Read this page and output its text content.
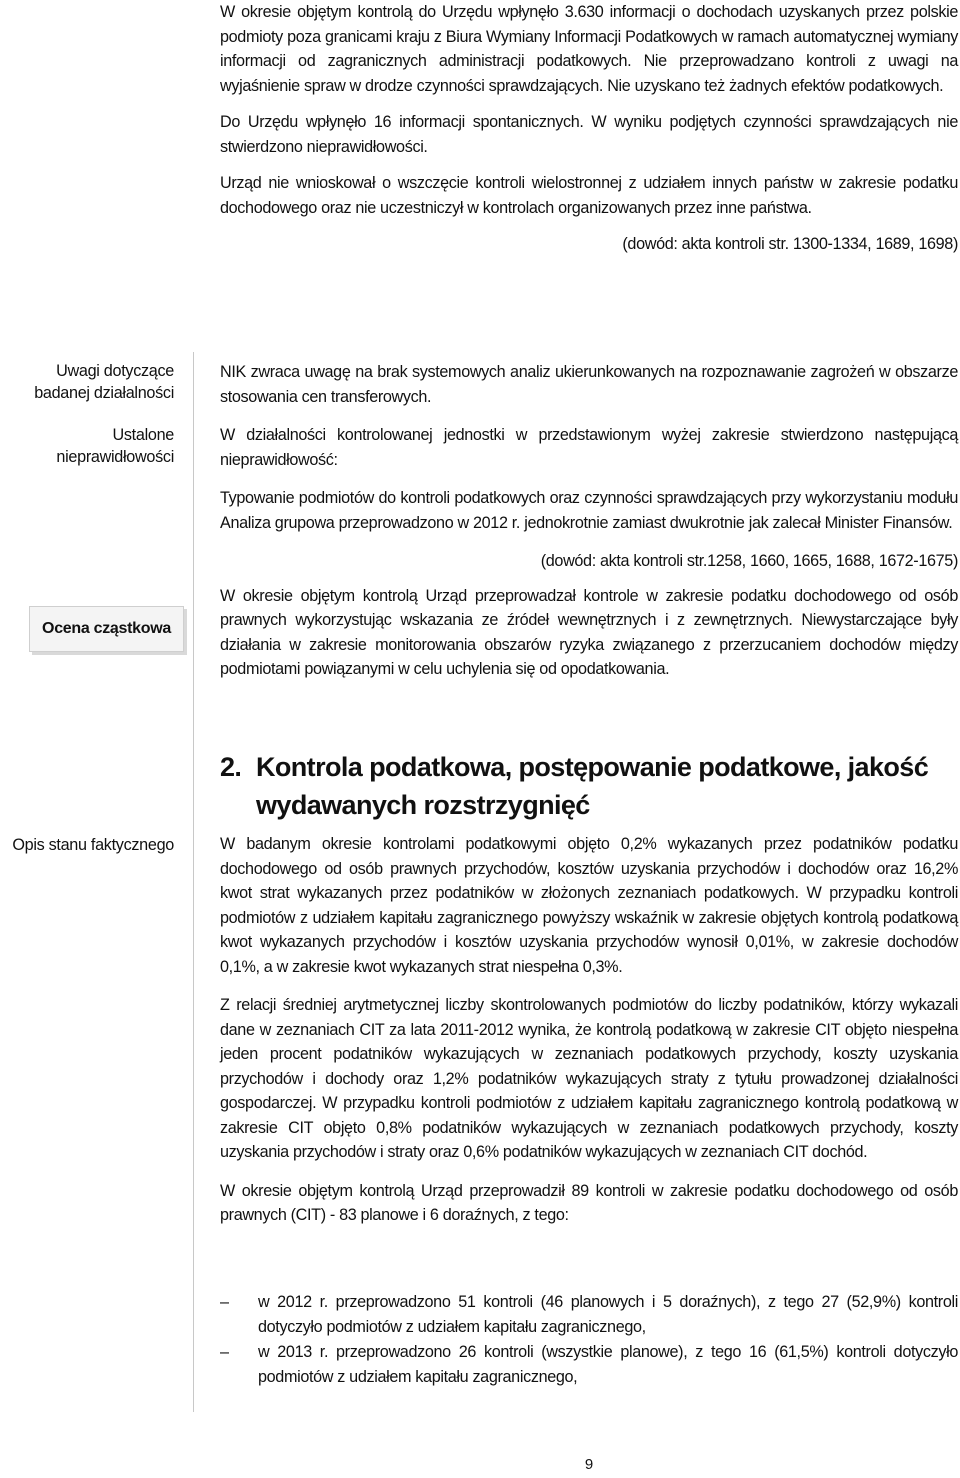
W okresie objętym kontrolą do Urzędu wpłynęło 3.630 informacji o dochodach uzyskanych przez polskie podmioty poza granicami kraju z Biura Wymiany Informacji Podatkowych w ramach automatycznej wymiany informacji od zagranicznych administracji podatkowych. Nie przeprowadzano kontroli z uwagi na wyjaśnienie spraw w drodze czynności sprawdzających. Nie uzyskano też żadnych efektów podatkowych.

Do Urzędu wpłynęło 16 informacji spontanicznych. W wyniku podjętych czynności sprawdzających nie stwierdzono nieprawidłowości.

Urząd nie wnioskował o wszczęcie kontroli wielostronnej z udziałem innych państw w zakresie podatku dochodowego oraz nie uczestniczył w kontrolach organizowanych przez inne państwa.

(dowód: akta kontroli str. 1300-1334, 1689, 1698)

Uwagi dotyczące badanej działalności
Ustalone nieprawidłowości
Ocena cząstkowa
Opis stanu faktycznego

NIK zwraca uwagę na brak systemowych analiz ukierunkowanych na rozpoznawanie zagrożeń w obszarze stosowania cen transferowych.

W działalności kontrolowanej jednostki w przedstawionym wyżej zakresie stwierdzono następującą nieprawidłowość:

Typowanie podmiotów do kontroli podatkowych oraz czynności sprawdzających przy wykorzystaniu modułu Analiza grupowa przeprowadzono w 2012 r. jednokrotnie zamiast dwukrotnie jak zalecał Minister Finansów.

(dowód: akta kontroli str.1258, 1660, 1665, 1688, 1672-1675)

W okresie objętym kontrolą Urząd przeprowadzał kontrole w zakresie podatku dochodowego od osób prawnych wykorzystując wskazania ze źródeł wewnętrznych i z zewnętrznych. Niewystarczające były działania w zakresie monitorowania obszarów ryzyka związanego z przerzucaniem dochodów między podmiotami powiązanymi w celu uchylenia się od opodatkowania.

2. Kontrola podatkowa, postępowanie podatkowe, jakość
wydawanych rozstrzygnięć

W badanym okresie kontrolami podatkowymi objęto 0,2% wykazanych przez podatników podatku dochodowego od osób prawnych przychodów, kosztów uzyskania przychodów i dochodów oraz 16,2% kwot strat wykazanych przez podatników w złożonych zeznaniach podatkowych. W przypadku kontroli podmiotów z udziałem kapitału zagranicznego powyższy wskaźnik w zakresie objętych kontrolą podatkową kwot wykazanych przychodów i kosztów uzyskania przychodów wynosił 0,01%, w zakresie dochodów 0,1%, a w zakresie kwot wykazanych strat niespełna 0,3%.

Z relacji średniej arytmetycznej liczby skontrolowanych podmiotów do liczby podatników, którzy wykazali dane w zeznaniach CIT za lata 2011-2012 wynika, że kontrolą podatkową w zakresie CIT objęto niespełna jeden procent podatników wykazujących w zeznaniach podatkowych przychody, koszty uzyskania przychodów i dochody oraz 1,2% podatników wykazujących straty z tytułu prowadzonej działalności gospodarczej. W przypadku kontroli podmiotów z udziałem kapitału zagranicznego kontrolą podatkową w zakresie CIT objęto 0,8% podatników wykazujących w zeznaniach podatkowych przychody, koszty uzyskania przychodów i straty oraz 0,6% podatników wykazujących w zeznaniach CIT dochód.

W okresie objętym kontrolą Urząd przeprowadził 89 kontroli w zakresie podatku dochodowego od osób prawnych (CIT) - 83 planowe i 6 doraźnych, z tego:

–	w 2012 r. przeprowadzono 51 kontroli (46 planowych i 5 doraźnych), z tego 27 (52,9%) kontroli dotyczyło podmiotów z udziałem kapitału zagranicznego,

–	w 2013 r. przeprowadzono 26 kontroli (wszystkie planowe), z tego 16 (61,5%) kontroli dotyczyło podmiotów z udziałem kapitału zagranicznego,

9
